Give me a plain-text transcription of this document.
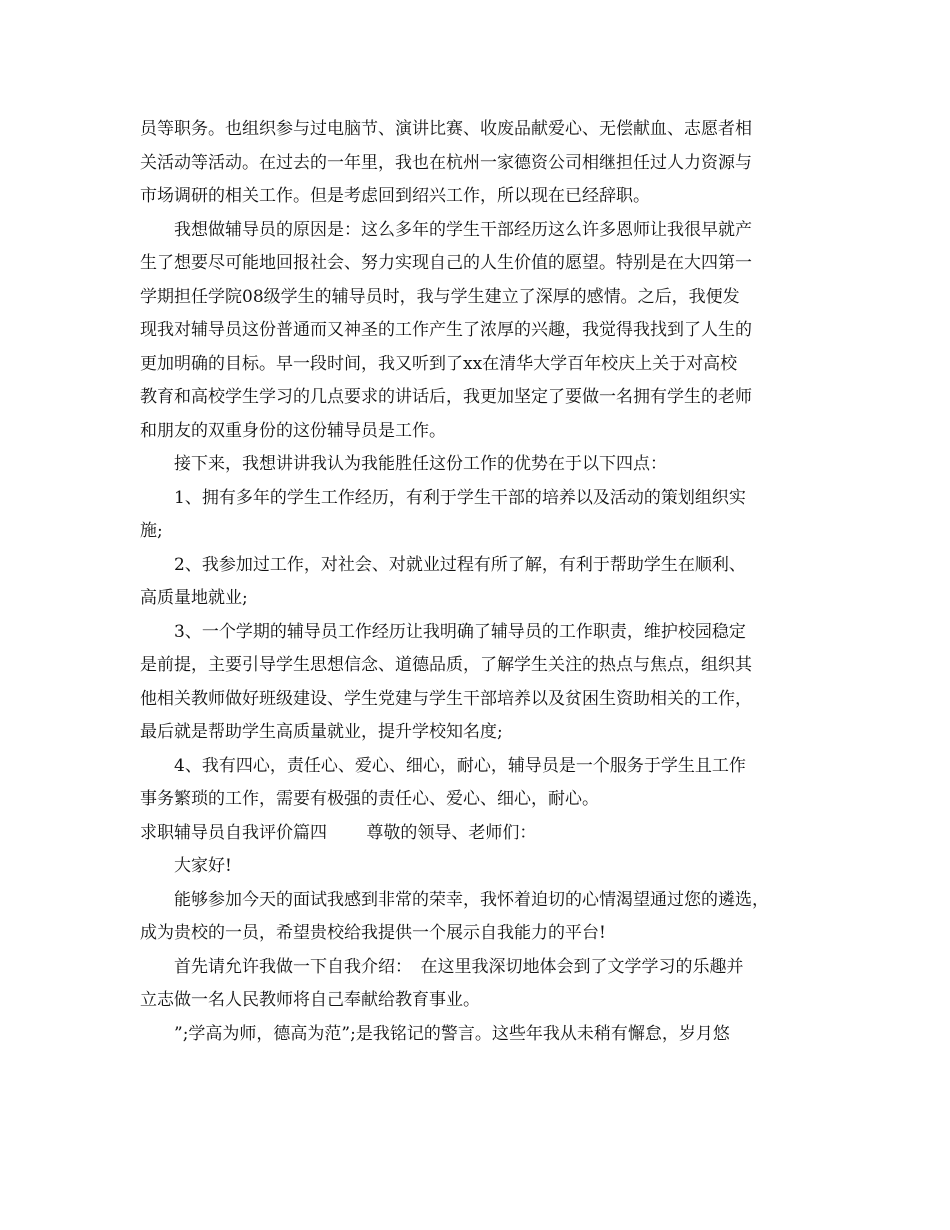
员等职务。也组织参与过电脑节、演讲比赛、收废品献爱心、无偿献血、志愿者相
关活动等活动。在过去的一年里，我也在杭州一家德资公司相继担任过人力资源与
市场调研的相关工作。但是考虑回到绍兴工作，所以现在已经辞职。
我想做辅导员的原因是：这么多年的学生干部经历这么许多恩师让我很早就产
生了想要尽可能地回报社会、努力实现自己的人生价值的愿望。特别是在大四第一
学期担任学院08级学生的辅导员时，我与学生建立了深厚的感情。之后，我便发
现我对辅导员这份普通而又神圣的工作产生了浓厚的兴趣，我觉得我找到了人生的
更加明确的目标。早一段时间，我又听到了xx在清华大学百年校庆上关于对高校
教育和高校学生学习的几点要求的讲话后，我更加坚定了要做一名拥有学生的老师
和朋友的双重身份的这份辅导员是工作。
接下来，我想讲讲我认为我能胜任这份工作的优势在于以下四点：
1、拥有多年的学生工作经历，有利于学生干部的培养以及活动的策划组织实
施;
2、我参加过工作，对社会、对就业过程有所了解，有利于帮助学生在顺利、
高质量地就业;
3、一个学期的辅导员工作经历让我明确了辅导员的工作职责，维护校园稳定
是前提，主要引导学生思想信念、道德品质，了解学生关注的热点与焦点，组织其
他相关教师做好班级建设、学生党建与学生干部培养以及贫困生资助相关的工作，
最后就是帮助学生高质量就业，提升学校知名度;
4、我有四心，责任心、爱心、细心，耐心，辅导员是一个服务于学生且工作
事务繁琐的工作，需要有极强的责任心、爱心、细心，耐心。
求职辅导员自我评价篇四　　 尊敬的领导、老师们：
大家好!
能够参加今天的面试我感到非常的荣幸，我怀着迫切的心情渴望通过您的遴选，
成为贵校的一员，希望贵校给我提供一个展示自我能力的平台!
首先请允许我做一下自我介绍：　在这里我深切地体会到了文学学习的乐趣并
立志做一名人民教师将自己奉献给教育事业。
”;学高为师，德高为范”;是我铭记的警言。这些年我从未稍有懈怠，岁月悠
